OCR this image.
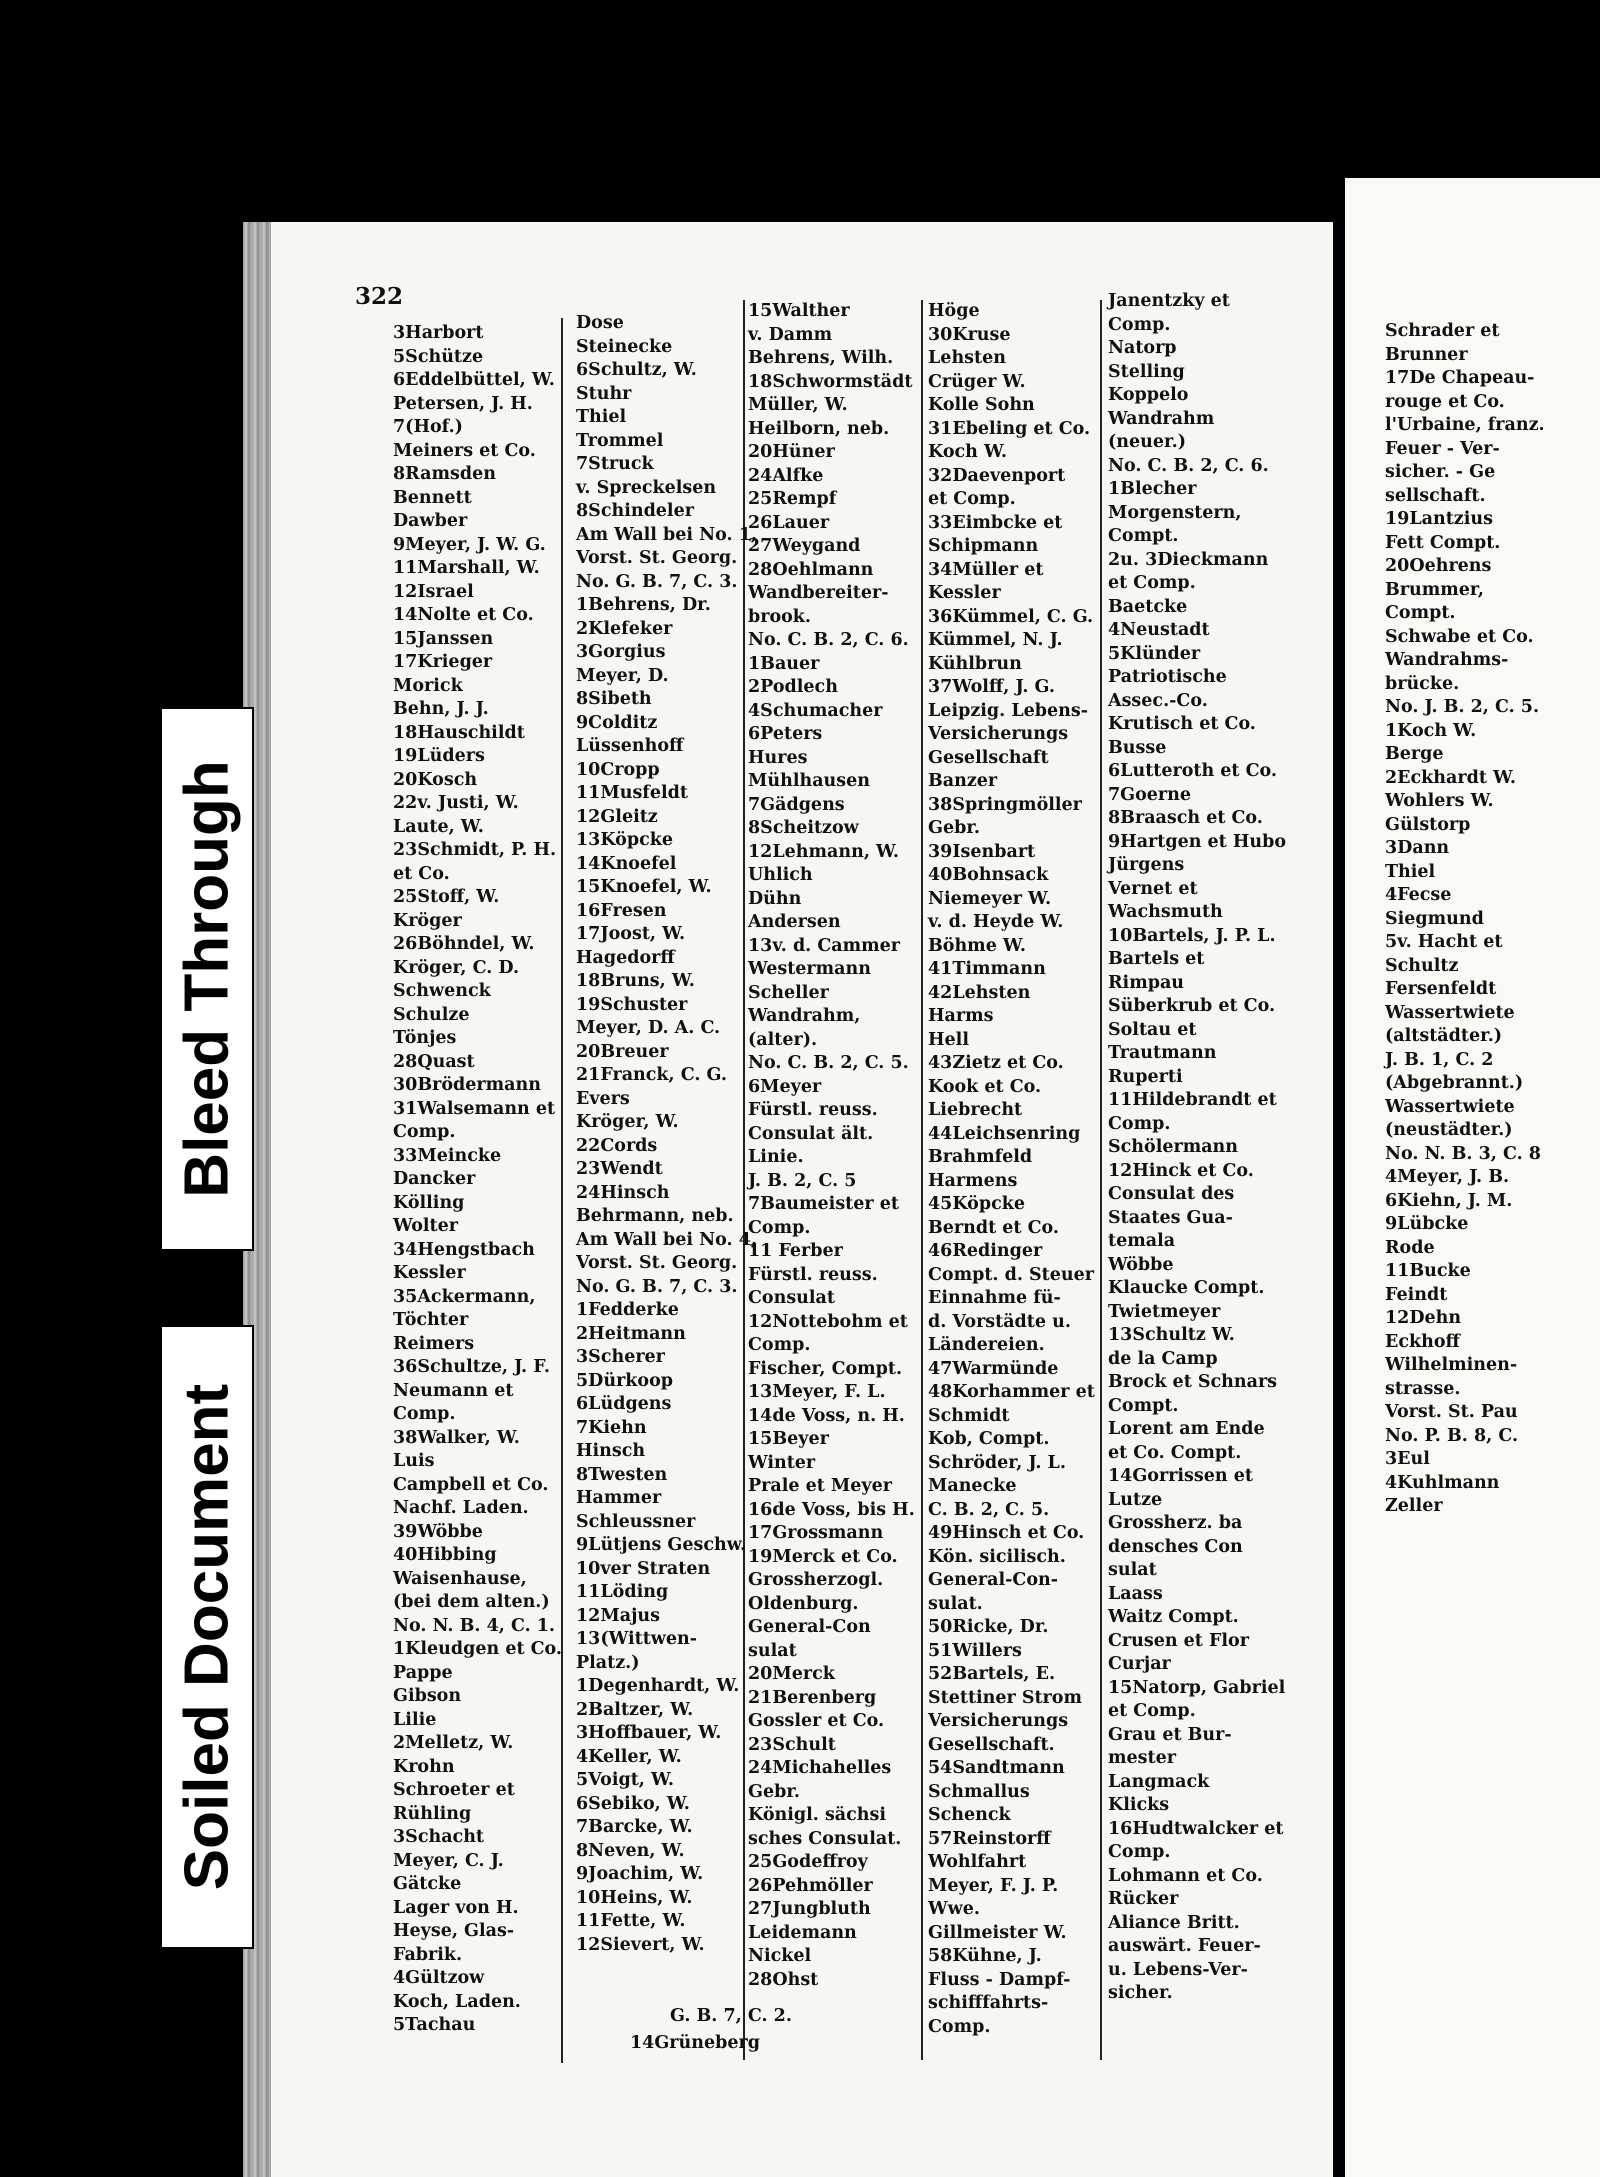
Bleed Through
Soiled Document
322
3Harbort
5Schütze
6Eddelbüttel, W.
Petersen, J. H.
7(Hof.)
Meiners et Co.
8Ramsden
Bennett
Dawber
9Meyer, J. W. G.
11Marshall, W.
12Israel
14Nolte et Co.
15Janssen
17Krieger
Morick
Behn, J. J.
18Hauschildt
19Lüders
20Kosch
22v. Justi, W.
Laute, W.
23Schmidt, P. H.
et Co.
25Stoff, W.
Kröger
26Böhndel, W.
Kröger, C. D.
Schwenck
Schulze
Tönjes
28Quast
30Brödermann
31Walsemann et
Comp.
33Meincke
Dancker
Kölling
Wolter
34Hengstbach
Kessler
35Ackermann,
Töchter
Reimers
36Schultze, J. F.
Neumann et
Comp.
38Walker, W.
Luis
Campbell et Co.
Nachf. Laden.
39Wöbbe
40Hibbing
Waisenhause,
(bei dem alten.)
No. N. B. 4, C. 1.
1Kleudgen et Co.
Pappe
Gibson
Lilie
2Melletz, W.
Krohn
Schroeter et
Rühling
3Schacht
Meyer, C. J.
Gätcke
Lager von H.
Heyse, Glas-
Fabrik.
4Gültzow
Koch, Laden.
5Tachau
Dose
Steinecke
6Schultz, W.
Stuhr
Thiel
Trommel
7Struck
v. Spreckelsen
8Schindeler
Am Wall bei No. 1,
Vorst. St. Georg.
No. G. B. 7, C. 3.
1Behrens, Dr.
2Klefeker
3Gorgius
Meyer, D.
8Sibeth
9Colditz
Lüssenhoff
10Cropp
11Musfeldt
12Gleitz
13Köpcke
14Knoefel
15Knoefel, W.
16Fresen
17Joost, W.
Hagedorff
18Bruns, W.
19Schuster
Meyer, D. A. C.
20Breuer
21Franck, C. G.
Evers
Kröger, W.
22Cords
23Wendt
24Hinsch
Behrmann, neb.
Am Wall bei No. 4,
Vorst. St. Georg.
No. G. B. 7, C. 3.
1Fedderke
2Heitmann
3Scherer
5Dürkoop
6Lüdgens
7Kiehn
Hinsch
8Twesten
Hammer
Schleussner
9Lütjens Geschw.
10ver Straten
11Löding
12Majus
13(Wittwen-
Platz.)
1Degenhardt, W.
2Baltzer, W.
3Hoffbauer, W.
4Keller, W.
5Voigt, W.
6Sebiko, W.
7Barcke, W.
8Neven, W.
9Joachim, W.
10Heins, W.
11Fette, W.
12Sievert, W.
15Walther
v. Damm
Behrens, Wilh.
18Schwormstädt
Müller, W.
Heilborn, neb.
20Hüner
24Alfke
25Rempf
26Lauer
27Weygand
28Oehlmann
Wandbereiter-
brook.
No. C. B. 2, C. 6.
1Bauer
2Podlech
4Schumacher
6Peters
Hures
Mühlhausen
7Gädgens
8Scheitzow
12Lehmann, W.
Uhlich
Dühn
Andersen
13v. d. Cammer
Westermann
Scheller
Wandrahm,
(alter).
No. C. B. 2, C. 5.
6Meyer
Fürstl. reuss.
Consulat ält.
Linie.
J. B. 2, C. 5
7Baumeister et
Comp.
11 Ferber
Fürstl. reuss.
Consulat
12Nottebohm et
Comp.
Fischer, Compt.
13Meyer, F. L.
14de Voss, n. H.
15Beyer
Winter
Prale et Meyer
16de Voss, bis H.
17Grossmann
19Merck et Co.
Grossherzogl.
Oldenburg.
General-Con
sulat
20Merck
21Berenberg
Gossler et Co.
23Schult
24Michahelles
Gebr.
Königl. sächsi
sches Consulat.
25Godeffroy
26Pehmöller
27Jungbluth
Leidemann
Nickel
28Ohst
Höge
30Kruse
Lehsten
Crüger W.
Kolle Sohn
31Ebeling et Co.
Koch W.
32Daevenport
et Comp.
33Eimbcke et
Schipmann
34Müller et
Kessler
36Kümmel, C. G.
Kümmel, N. J.
Kühlbrun
37Wolff, J. G.
Leipzig. Lebens-
Versicherungs
Gesellschaft
Banzer
38Springmöller
Gebr.
39Isenbart
40Bohnsack
Niemeyer W.
v. d. Heyde W.
Böhme W.
41Timmann
42Lehsten
Harms
Hell
43Zietz et Co.
Kook et Co.
Liebrecht
44Leichsenring
Brahmfeld
Harmens
45Köpcke
Berndt et Co.
46Redinger
Compt. d. Steuer
Einnahme fü-
d. Vorstädte u.
Ländereien.
47Warmünde
48Korhammer et
Schmidt
Kob, Compt.
Schröder, J. L.
Manecke
C. B. 2, C. 5.
49Hinsch et Co.
Kön. sicilisch.
General-Con-
sulat.
50Ricke, Dr.
51Willers
52Bartels, E.
Stettiner Strom
Versicherungs
Gesellschaft.
54Sandtmann
Schmallus
Schenck
57Reinstorff
Wohlfahrt
Meyer, F. J. P.
Wwe.
Gillmeister W.
58Kühne, J.
Fluss - Dampf-
schifffahrts-
Comp.
Janentzky et
Comp.
Natorp
Stelling
Koppelo
Wandrahm
(neuer.)
No. C. B. 2, C. 6.
1Blecher
Morgenstern,
Compt.
2u. 3Dieckmann
et Comp.
Baetcke
4Neustadt
5Klünder
Patriotische
Assec.-Co.
Krutisch et Co.
Busse
6Lutteroth et Co.
7Goerne
8Braasch et Co.
9Hartgen et Hubo
Jürgens
Vernet et
Wachsmuth
10Bartels, J. P. L.
Bartels et
Rimpau
Süberkrub et Co.
Soltau et
Trautmann
Ruperti
11Hildebrandt et
Comp.
Schölermann
12Hinck et Co.
Consulat des
Staates Gua-
temala
Wöbbe
Klaucke Compt.
Twietmeyer
13Schultz W.
de la Camp
Brock et Schnars
Compt.
Lorent am Ende
et Co. Compt.
14Gorrissen et
Lutze
Grossherz. ba
densches Con
sulat
Laass
Waitz Compt.
Crusen et Flor
Curjar
15Natorp, Gabriel
et Comp.
Grau et Bur-
mester
Langmack
Klicks
16Hudtwalcker et
Comp.
Lohmann et Co.
Rücker
Aliance Britt.
auswärt. Feuer-
u. Lebens-Ver-
sicher.
Schrader et
Brunner
17De Chapeau-
rouge et Co.
l'Urbaine, franz.
Feuer - Ver-
sicher. - Ge
sellschaft.
19Lantzius
Fett Compt.
20Oehrens
Brummer,
Compt.
Schwabe et Co.
Wandrahms-
brücke.
No. J. B. 2, C. 5.
1Koch W.
Berge
2Eckhardt W.
Wohlers W.
Gülstorp
3Dann
Thiel
4Fecse
Siegmund
5v. Hacht et
Schultz
Fersenfeldt
Wassertwiete
(altstädter.)
J. B. 1, C. 2
(Abgebrannt.)
Wassertwiete
(neustädter.)
No. N. B. 3, C. 8
4Meyer, J. B.
6Kiehn, J. M.
9Lübcke
Rode
11Bucke
Feindt
12Dehn
Eckhoff
Wilhelminen-
strasse.
Vorst. St. Pau
No. P. B. 8, C.
3Eul
4Kuhlmann
Zeller
G. B. 7, C. 2.
14Grüneberg
